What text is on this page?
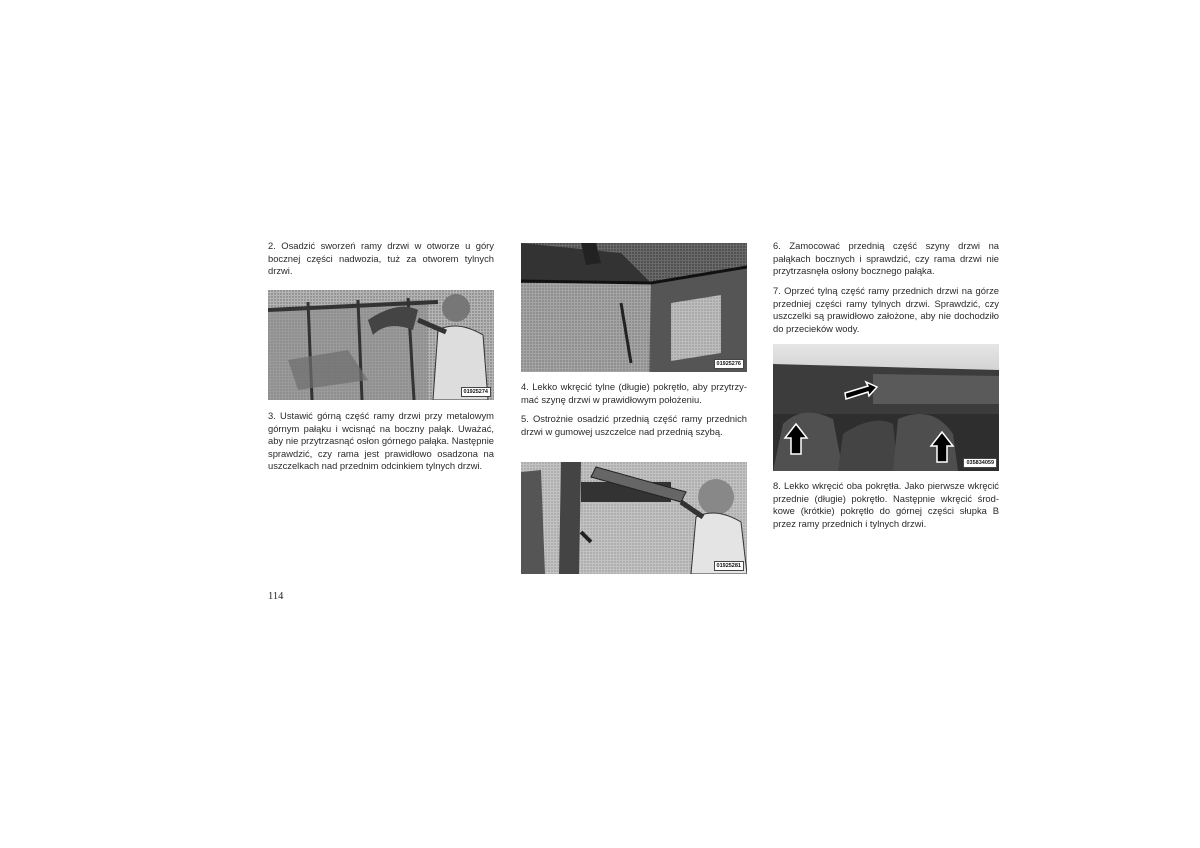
2. Osadzić sworzeń ramy drzwi w otworze u góry bocznej części nadwozia, tuż za otworem tylnych drzwi.

01925274

3. Ustawić górną część ramy drzwi przy metalowym górnym pałąku i wcisnąć na boczny pałąk. Uważać, aby nie przytrzasnąć osłon górnego pałąka. Następnie sprawdzić, czy rama jest prawidłowo osadzona na uszczelkach nad przednim odcinkiem tylnych drzwi.

01925276

4. Lekko wkręcić tylne (długie) pokrętło, aby przytrzy-mać szynę drzwi w prawidłowym położeniu.

5. Ostrożnie osadzić przednią część ramy przednich drzwi w gumowej uszczelce nad przednią szybą.

01925281

6. Zamocować przednią część szyny drzwi na pałąkach bocznych i sprawdzić, czy rama drzwi nie przytrzasnęła osłony bocznego pałąka.

7. Oprzeć tylną część ramy przednich drzwi na górze przedniej części ramy tylnych drzwi. Sprawdzić, czy uszczelki są prawidłowo założone, aby nie dochodziło do przecieków wody.

035834059

8. Lekko wkręcić oba pokrętła. Jako pierwsze wkręcić przednie (długie) pokrętło. Następnie wkręcić środ-kowe (krótkie) pokrętło do górnej części słupka B przez ramy przednich i tylnych drzwi.

114
